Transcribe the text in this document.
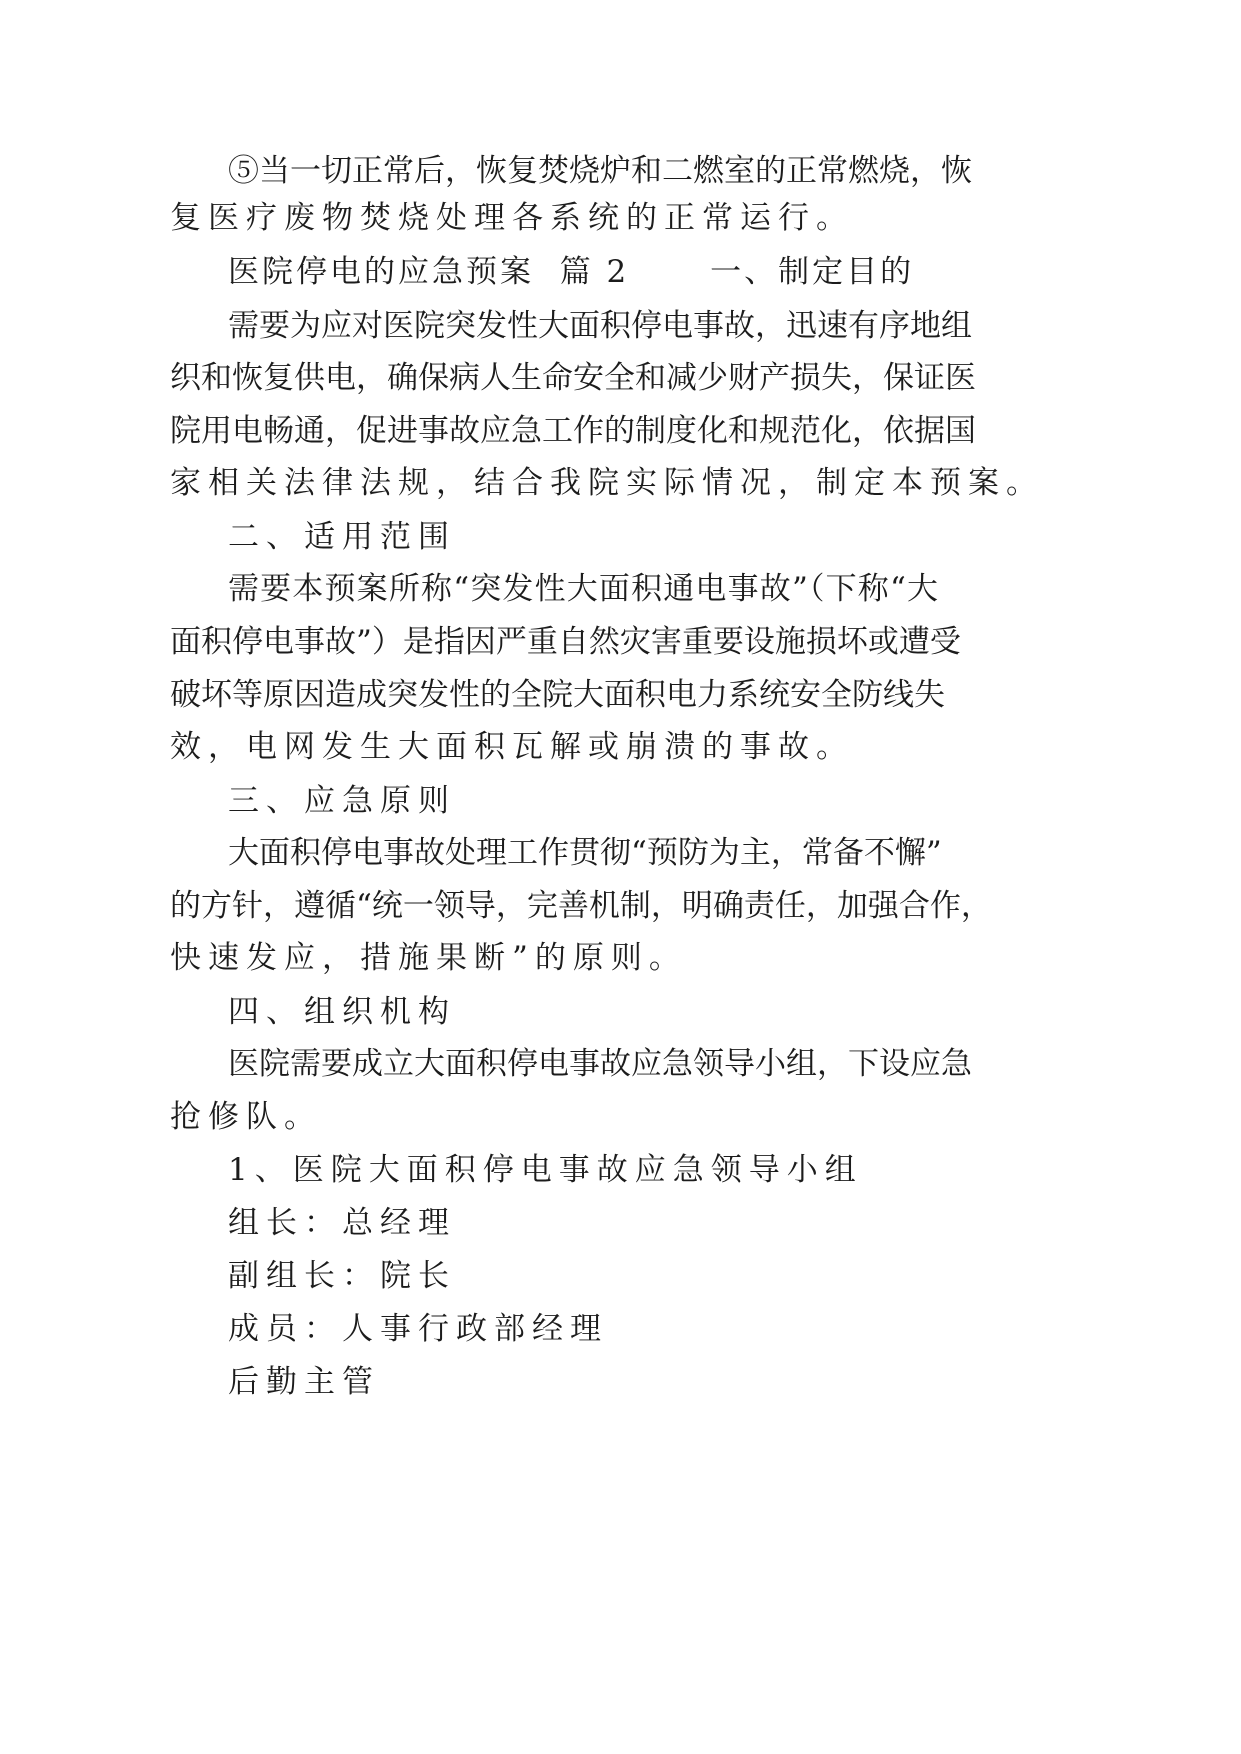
⑤当一切正常后，恢复焚烧炉和二燃室的正常燃烧，恢
复医疗废物焚烧处理各系统的正常运行。
医院停电的应急预案  篇 2　　 一、制定目的
需要为应对医院突发性大面积停电事故，迅速有序地组
织和恢复供电，确保病人生命安全和减少财产损失，保证医
院用电畅通，促进事故应急工作的制度化和规范化，依据国
家相关法律法规，结合我院实际情况，制定本预案。
二、适用范围
需要本预案所称“突发性大面积通电事故”（下称“大
面积停电事故”）是指因严重自然灾害重要设施损坏或遭受
破坏等原因造成突发性的全院大面积电力系统安全防线失
效，电网发生大面积瓦解或崩溃的事故。
三、应急原则
大面积停电事故处理工作贯彻“预防为主，常备不懈”
的方针，遵循“统一领导，完善机制，明确责任，加强合作，
快速发应，措施果断”的原则。
四、组织机构
医院需要成立大面积停电事故应急领导小组，下设应急
抢修队。
1、医院大面积停电事故应急领导小组
组长：总经理
副组长：院长
成员：人事行政部经理
后勤主管
